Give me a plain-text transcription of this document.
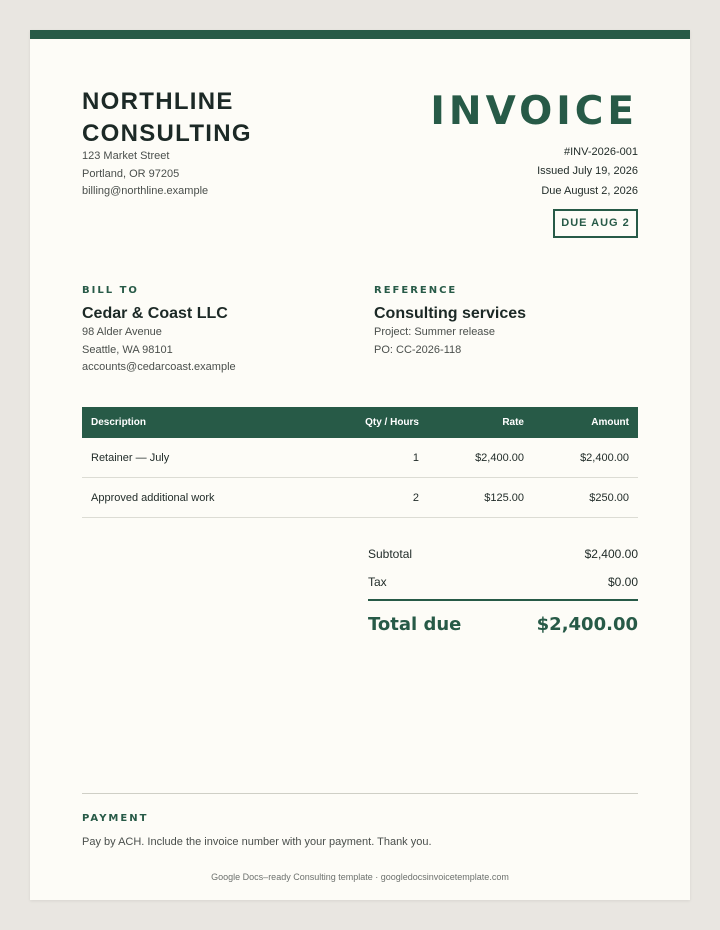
NORTHLINE
CONSULTING
123 Market Street
Portland, OR 97205
billing@northline.example
INVOICE
#INV-2026-001
Issued July 19, 2026
Due August 2, 2026
DUE AUG 2
BILL TO
Cedar & Coast LLC
98 Alder Avenue
Seattle, WA 98101
accounts@cedarcoast.example
REFERENCE
Consulting services
Project: Summer release
PO: CC-2026-118
Description	Qty / Hours	Rate	Amount
Retainer — July	1	$2,400.00	$2,400.00
Approved additional work	2	$125.00	$250.00
Subtotal	$2,400.00
Tax	$0.00
Total due	$2,400.00
PAYMENT
Pay by ACH. Include the invoice number with your payment. Thank you.
Google Docs–ready Consulting template · googledocsinvoicetemplate.com
